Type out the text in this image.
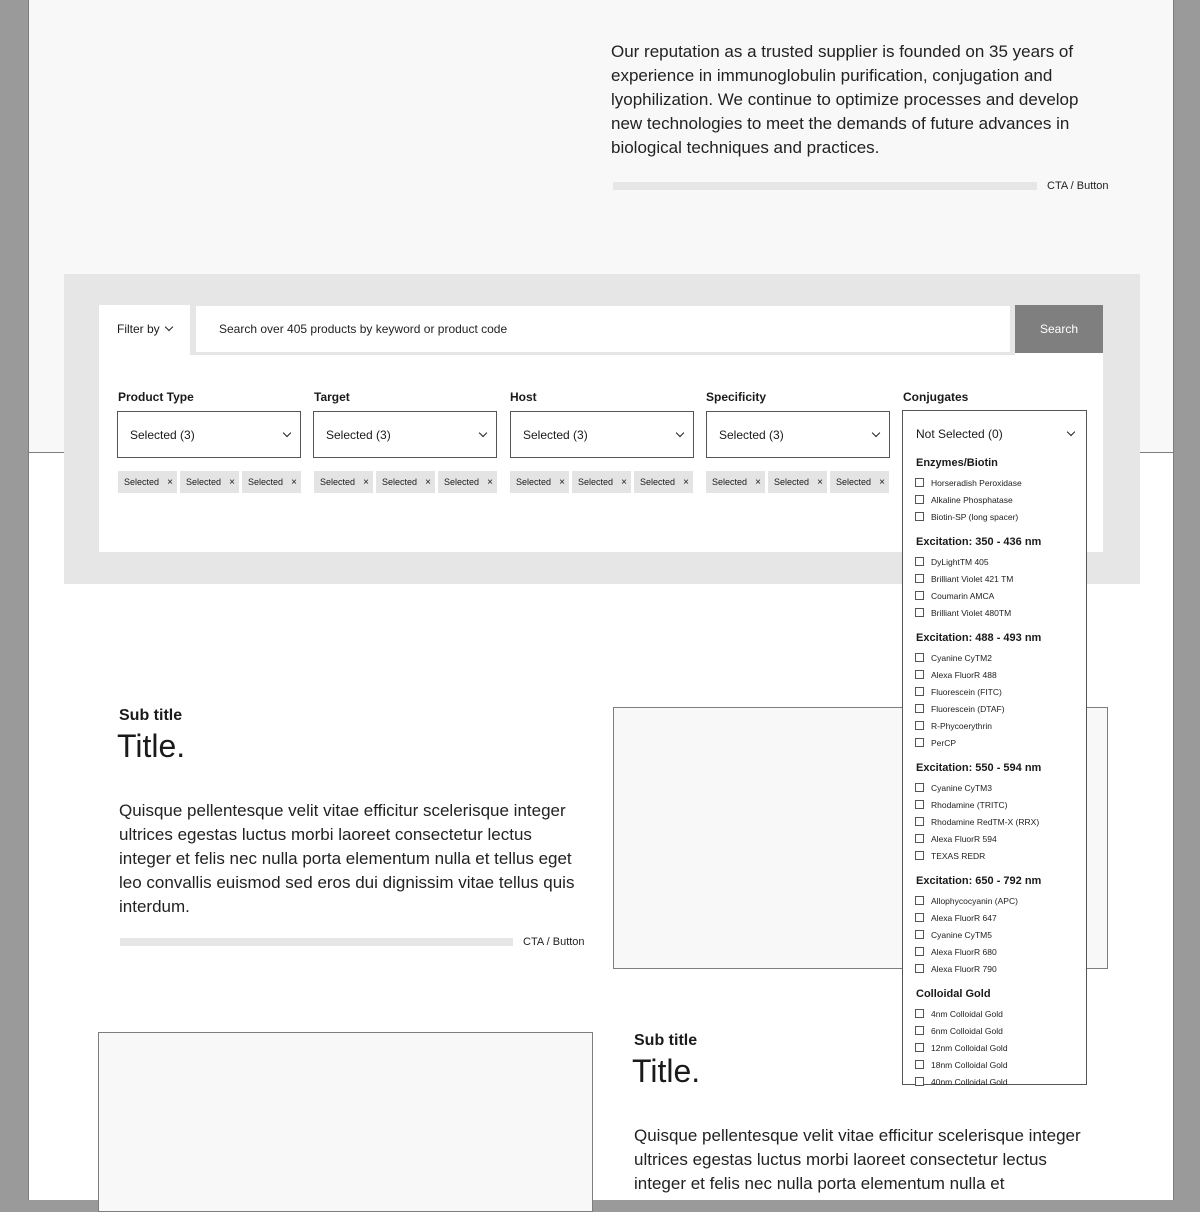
Our reputation as a trusted supplier is founded on 35 years of experience in immunoglobulin purification, conjugation and lyophilization. We continue to optimize processes and develop new technologies to meet the demands of future advances in biological techniques and practices.

CTA / Button
Filter by
Search over 405 products by keyword or product code	Search
Product Type
Selected (3)
Selected × Selected × Selected ×
Target
Selected (3)
Selected × Selected × Selected ×
Host
Selected (3)
Selected × Selected × Selected ×
Specificity
Selected (3)
Selected × Selected × Selected ×
Sub title
Title.

Quisque pellentesque velit vitae efficitur scelerisque integer ultrices egestas luctus morbi laoreet consectetur lectus integer et felis nec nulla porta elementum nulla et tellus eget leo convallis euismod sed eros dui dignissim vitae tellus quis interdum.

CTA / Button
Sub title
Title.

Quisque pellentesque velit vitae efficitur scelerisque integer ultrices egestas luctus morbi laoreet consectetur lectus integer et felis nec nulla porta elementum nulla et

Conjugates
Not Selected (0)
Enzymes/Biotin
Horseradish Peroxidase
Alkaline Phosphatase
Biotin-SP (long spacer)
Excitation: 350 - 436 nm
DyLightTM 405
Brilliant Violet 421 TM
Coumarin AMCA
Brilliant Violet 480TM
Excitation: 488 - 493 nm
Cyanine CyTM2
Alexa FluorR 488
Fluorescein (FITC)
Fluorescein (DTAF)
R-Phycoerythrin
PerCP
Excitation: 550 - 594 nm
Cyanine CyTM3
Rhodamine (TRITC)
Rhodamine RedTM-X (RRX)
Alexa FluorR 594
TEXAS REDR
Excitation: 650 - 792 nm
Allophycocyanin (APC)
Alexa FluorR 647
Cyanine CyTM5
Alexa FluorR 680
Alexa FluorR 790
Colloidal Gold
4nm Colloidal Gold
6nm Colloidal Gold
12nm Colloidal Gold
18nm Colloidal Gold
40nm Colloidal Gold
